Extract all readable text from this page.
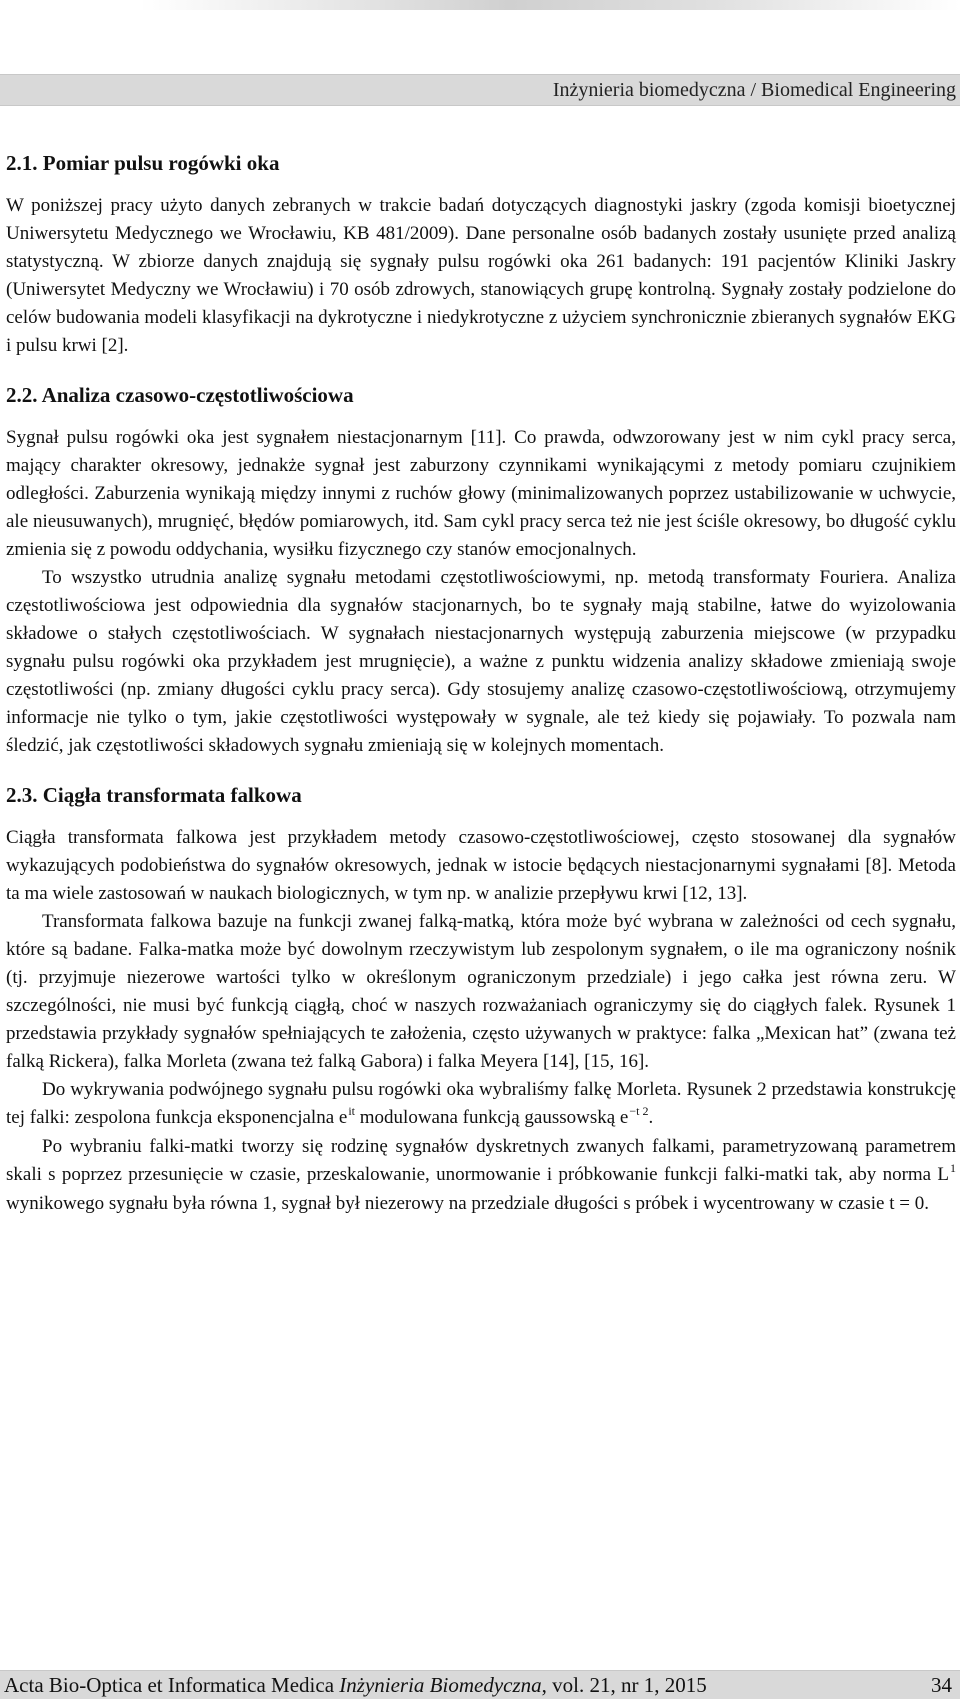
Inżynieria biomedyczna / Biomedical Engineering
2.1. Pomiar pulsu rogówki oka

W poniższej pracy użyto danych zebranych w trakcie badań dotyczących diagnostyki jaskry (zgoda komisji bioetycznej Uniwersytetu Medycznego we Wrocławiu, KB 481/2009). Dane personalne osób badanych zostały usunięte przed analizą statystyczną. W zbiorze danych znajdują się sygnały pulsu rogówki oka 261 badanych: 191 pacjentów Kliniki Jaskry (Uniwersytet Medyczny we Wrocławiu) i 70 osób zdrowych, stanowiących grupę kontrolną. Sygnały zostały podzielone do celów budowania modeli klasyfikacji na dykrotyczne i niedykrotyczne z użyciem synchronicznie zbieranych sygnałów EKG i pulsu krwi [2].

2.2. Analiza czasowo-częstotliwościowa

Sygnał pulsu rogówki oka jest sygnałem niestacjonarnym [11]. Co prawda, odwzorowany jest w nim cykl pracy serca, mający charakter okresowy, jednakże sygnał jest zaburzony czynnikami wynikającymi z metody pomiaru czujnikiem odległości. Zaburzenia wynikają między innymi z ruchów głowy (minimalizowanych poprzez ustabilizowanie w uchwycie, ale nieusuwanych), mrugnięć, błędów pomiarowych, itd. Sam cykl pracy serca też nie jest ściśle okresowy, bo długość cyklu zmienia się z powodu oddychania, wysiłku fizycznego czy stanów emocjonalnych.

To wszystko utrudnia analizę sygnału metodami częstotliwościowymi, np. metodą transformaty Fouriera. Analiza częstotliwościowa jest odpowiednia dla sygnałów stacjonarnych, bo te sygnały mają stabilne, łatwe do wyizolowania składowe o stałych częstotliwościach. W sygnałach niestacjonarnych występują zaburzenia miejscowe (w przypadku sygnału pulsu rogówki oka przykładem jest mrugnięcie), a ważne z punktu widzenia analizy składowe zmieniają swoje częstotliwości (np. zmiany długości cyklu pracy serca). Gdy stosujemy analizę czasowo-częstotliwościową, otrzymujemy informacje nie tylko o tym, jakie częstotliwości występowały w sygnale, ale też kiedy się pojawiały. To pozwala nam śledzić, jak częstotliwości składowych sygnału zmieniają się w kolejnych momentach.

2.3. Ciągła transformata falkowa

Ciągła transformata falkowa jest przykładem metody czasowo-częstotliwościowej, często stosowanej dla sygnałów wykazujących podobieństwa do sygnałów okresowych, jednak w istocie będących niestacjonarnymi sygnałami [8]. Metoda ta ma wiele zastosowań w naukach biologicznych, w tym np. w analizie przepływu krwi [12, 13].

Transformata falkowa bazuje na funkcji zwanej falką-matką, która może być wybrana w zależności od cech sygnału, które są badane. Falka-matka może być dowolnym rzeczywistym lub zespolonym sygnałem, o ile ma ograniczony nośnik (tj. przyjmuje niezerowe wartości tylko w określonym ograniczonym przedziale) i jego całka jest równa zeru. W szczególności, nie musi być funkcją ciągłą, choć w naszych rozważaniach ograniczymy się do ciągłych falek. Rysunek 1 przedstawia przykłady sygnałów spełniających te założenia, często używanych w praktyce: falka „Mexican hat” (zwana też falką Rickera), falka Morleta (zwana też falką Gabora) i falka Meyera [14], [15, 16].

Do wykrywania podwójnego sygnału pulsu rogówki oka wybraliśmy falkę Morleta. Rysunek 2 przedstawia konstrukcję tej falki: zespolona funkcja eksponencjalna $e^{it}$ modulowana funkcją gaussowską $e^{-t 2}$.

Po wybraniu falki-matki tworzy się rodzinę sygnałów dyskretnych zwanych falkami, parametryzowaną parametrem skali s poprzez przesunięcie w czasie, przeskalowanie, unormowanie i próbkowanie funkcji falki-matki tak, aby norma $L^1$ wynikowego sygnału była równa 1, sygnał był niezerowy na przedziale długości s próbek i wycentrowany w czasie t = 0.

Acta Bio-Optica et Informatica Medica Inżynieria Biomedyczna, vol. 21, nr 1, 2015	34
